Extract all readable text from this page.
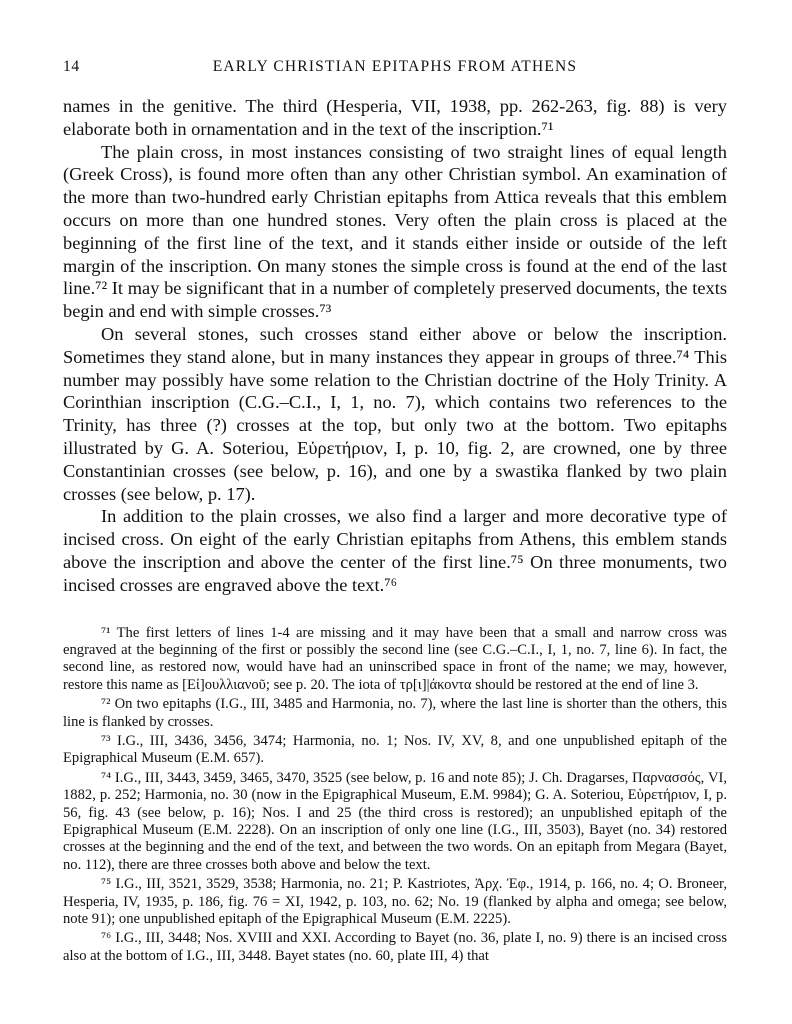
14	EARLY CHRISTIAN EPITAPHS FROM ATHENS

names in the genitive. The third (Hesperia, VII, 1938, pp. 262-263, fig. 88) is very elaborate both in ornamentation and in the text of the inscription.⁷¹

The plain cross, in most instances consisting of two straight lines of equal length (Greek Cross), is found more often than any other Christian symbol. An examination of the more than two-hundred early Christian epitaphs from Attica reveals that this emblem occurs on more than one hundred stones. Very often the plain cross is placed at the beginning of the first line of the text, and it stands either inside or outside of the left margin of the inscription. On many stones the simple cross is found at the end of the last line.⁷² It may be significant that in a number of completely preserved documents, the texts begin and end with simple crosses.⁷³

On several stones, such crosses stand either above or below the inscription. Sometimes they stand alone, but in many instances they appear in groups of three.⁷⁴ This number may possibly have some relation to the Christian doctrine of the Holy Trinity. A Corinthian inscription (C.G.–C.I., I, 1, no. 7), which contains two references to the Trinity, has three (?) crosses at the top, but only two at the bottom. Two epitaphs illustrated by G. A. Soteriou, Εὑρετήριον, I, p. 10, fig. 2, are crowned, one by three Constantinian crosses (see below, p. 16), and one by a swastika flanked by two plain crosses (see below, p. 17).

In addition to the plain crosses, we also find a larger and more decorative type of incised cross. On eight of the early Christian epitaphs from Athens, this emblem stands above the inscription and above the center of the first line.⁷⁵ On three monuments, two incised crosses are engraved above the text.⁷⁶

⁷¹ The first letters of lines 1-4 are missing and it may have been that a small and narrow cross was engraved at the beginning of the first or possibly the second line (see C.G.–C.I., I, 1, no. 7, line 6). In fact, the second line, as restored now, would have had an uninscribed space in front of the name; we may, however, restore this name as [Εἰ]ουλλιανοῦ; see p. 20. The iota of τρ[ι]|άκοντα should be restored at the end of line 3.

⁷² On two epitaphs (I.G., III, 3485 and Harmonia, no. 7), where the last line is shorter than the others, this line is flanked by crosses.

⁷³ I.G., III, 3436, 3456, 3474; Harmonia, no. 1; Nos. IV, XV, 8, and one unpublished epitaph of the Epigraphical Museum (E.M. 657).

⁷⁴ I.G., III, 3443, 3459, 3465, 3470, 3525 (see below, p. 16 and note 85); J. Ch. Dragarses, Παρνασσός, VI, 1882, p. 252; Harmonia, no. 30 (now in the Epigraphical Museum, E.M. 9984); G. A. Soteriou, Εὑρετήριον, I, p. 56, fig. 43 (see below, p. 16); Nos. I and 25 (the third cross is restored); an unpublished epitaph of the Epigraphical Museum (E.M. 2228). On an inscription of only one line (I.G., III, 3503), Bayet (no. 34) restored crosses at the beginning and the end of the text, and between the two words. On an epitaph from Megara (Bayet, no. 112), there are three crosses both above and below the text.

⁷⁵ I.G., III, 3521, 3529, 3538; Harmonia, no. 21; P. Kastriotes, Ἀρχ. Ἐφ., 1914, p. 166, no. 4; O. Broneer, Hesperia, IV, 1935, p. 186, fig. 76 = XI, 1942, p. 103, no. 62; No. 19 (flanked by alpha and omega; see below, note 91); one unpublished epitaph of the Epigraphical Museum (E.M. 2225).

⁷⁶ I.G., III, 3448; Nos. XVIII and XXI. According to Bayet (no. 36, plate I, no. 9) there is an incised cross also at the bottom of I.G., III, 3448. Bayet states (no. 60, plate III, 4) that
